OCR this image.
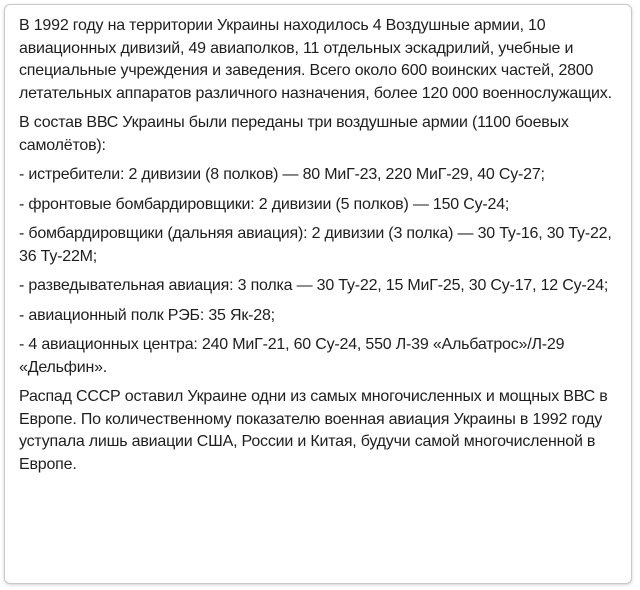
В 1992 году на территории Украины находилось 4 Воздушные армии, 10 авиационных дивизий, 49 авиаполков, 11 отдельных эскадрилий, учебные и специальные учреждения и заведения. Всего около 600 воинских частей, 2800 летательных аппаратов различного назначения, более 120 000 военнослужащих.

В состав ВВС Украины были переданы три воздушные армии (1100 боевых самолётов):

- истребители: 2 дивизии (8 полков) — 80 МиГ-23, 220 МиГ-29, 40 Су-27;

- фронтовые бомбардировщики: 2 дивизии (5 полков) — 150 Су-24;

- бомбардировщики (дальняя авиация): 2 дивизии (3 полка) — 30 Ту-16, 30 Ту-22, 36 Ту-22М;

- разведывательная авиация: 3 полка — 30 Ту-22, 15 МиГ-25, 30 Су-17, 12 Су-24;

- авиационный полк РЭБ: 35 Як-28;

- 4 авиационных центра: 240 МиГ-21, 60 Су-24, 550 Л-39 «Альбатрос»/Л-29 «Дельфин».

Распад СССР оставил Украине одни из самых многочисленных и мощных ВВС в Европе. По количественному показателю военная авиация Украины в 1992 году уступала лишь авиации США, России и Китая, будучи самой многочисленной в Европе.
